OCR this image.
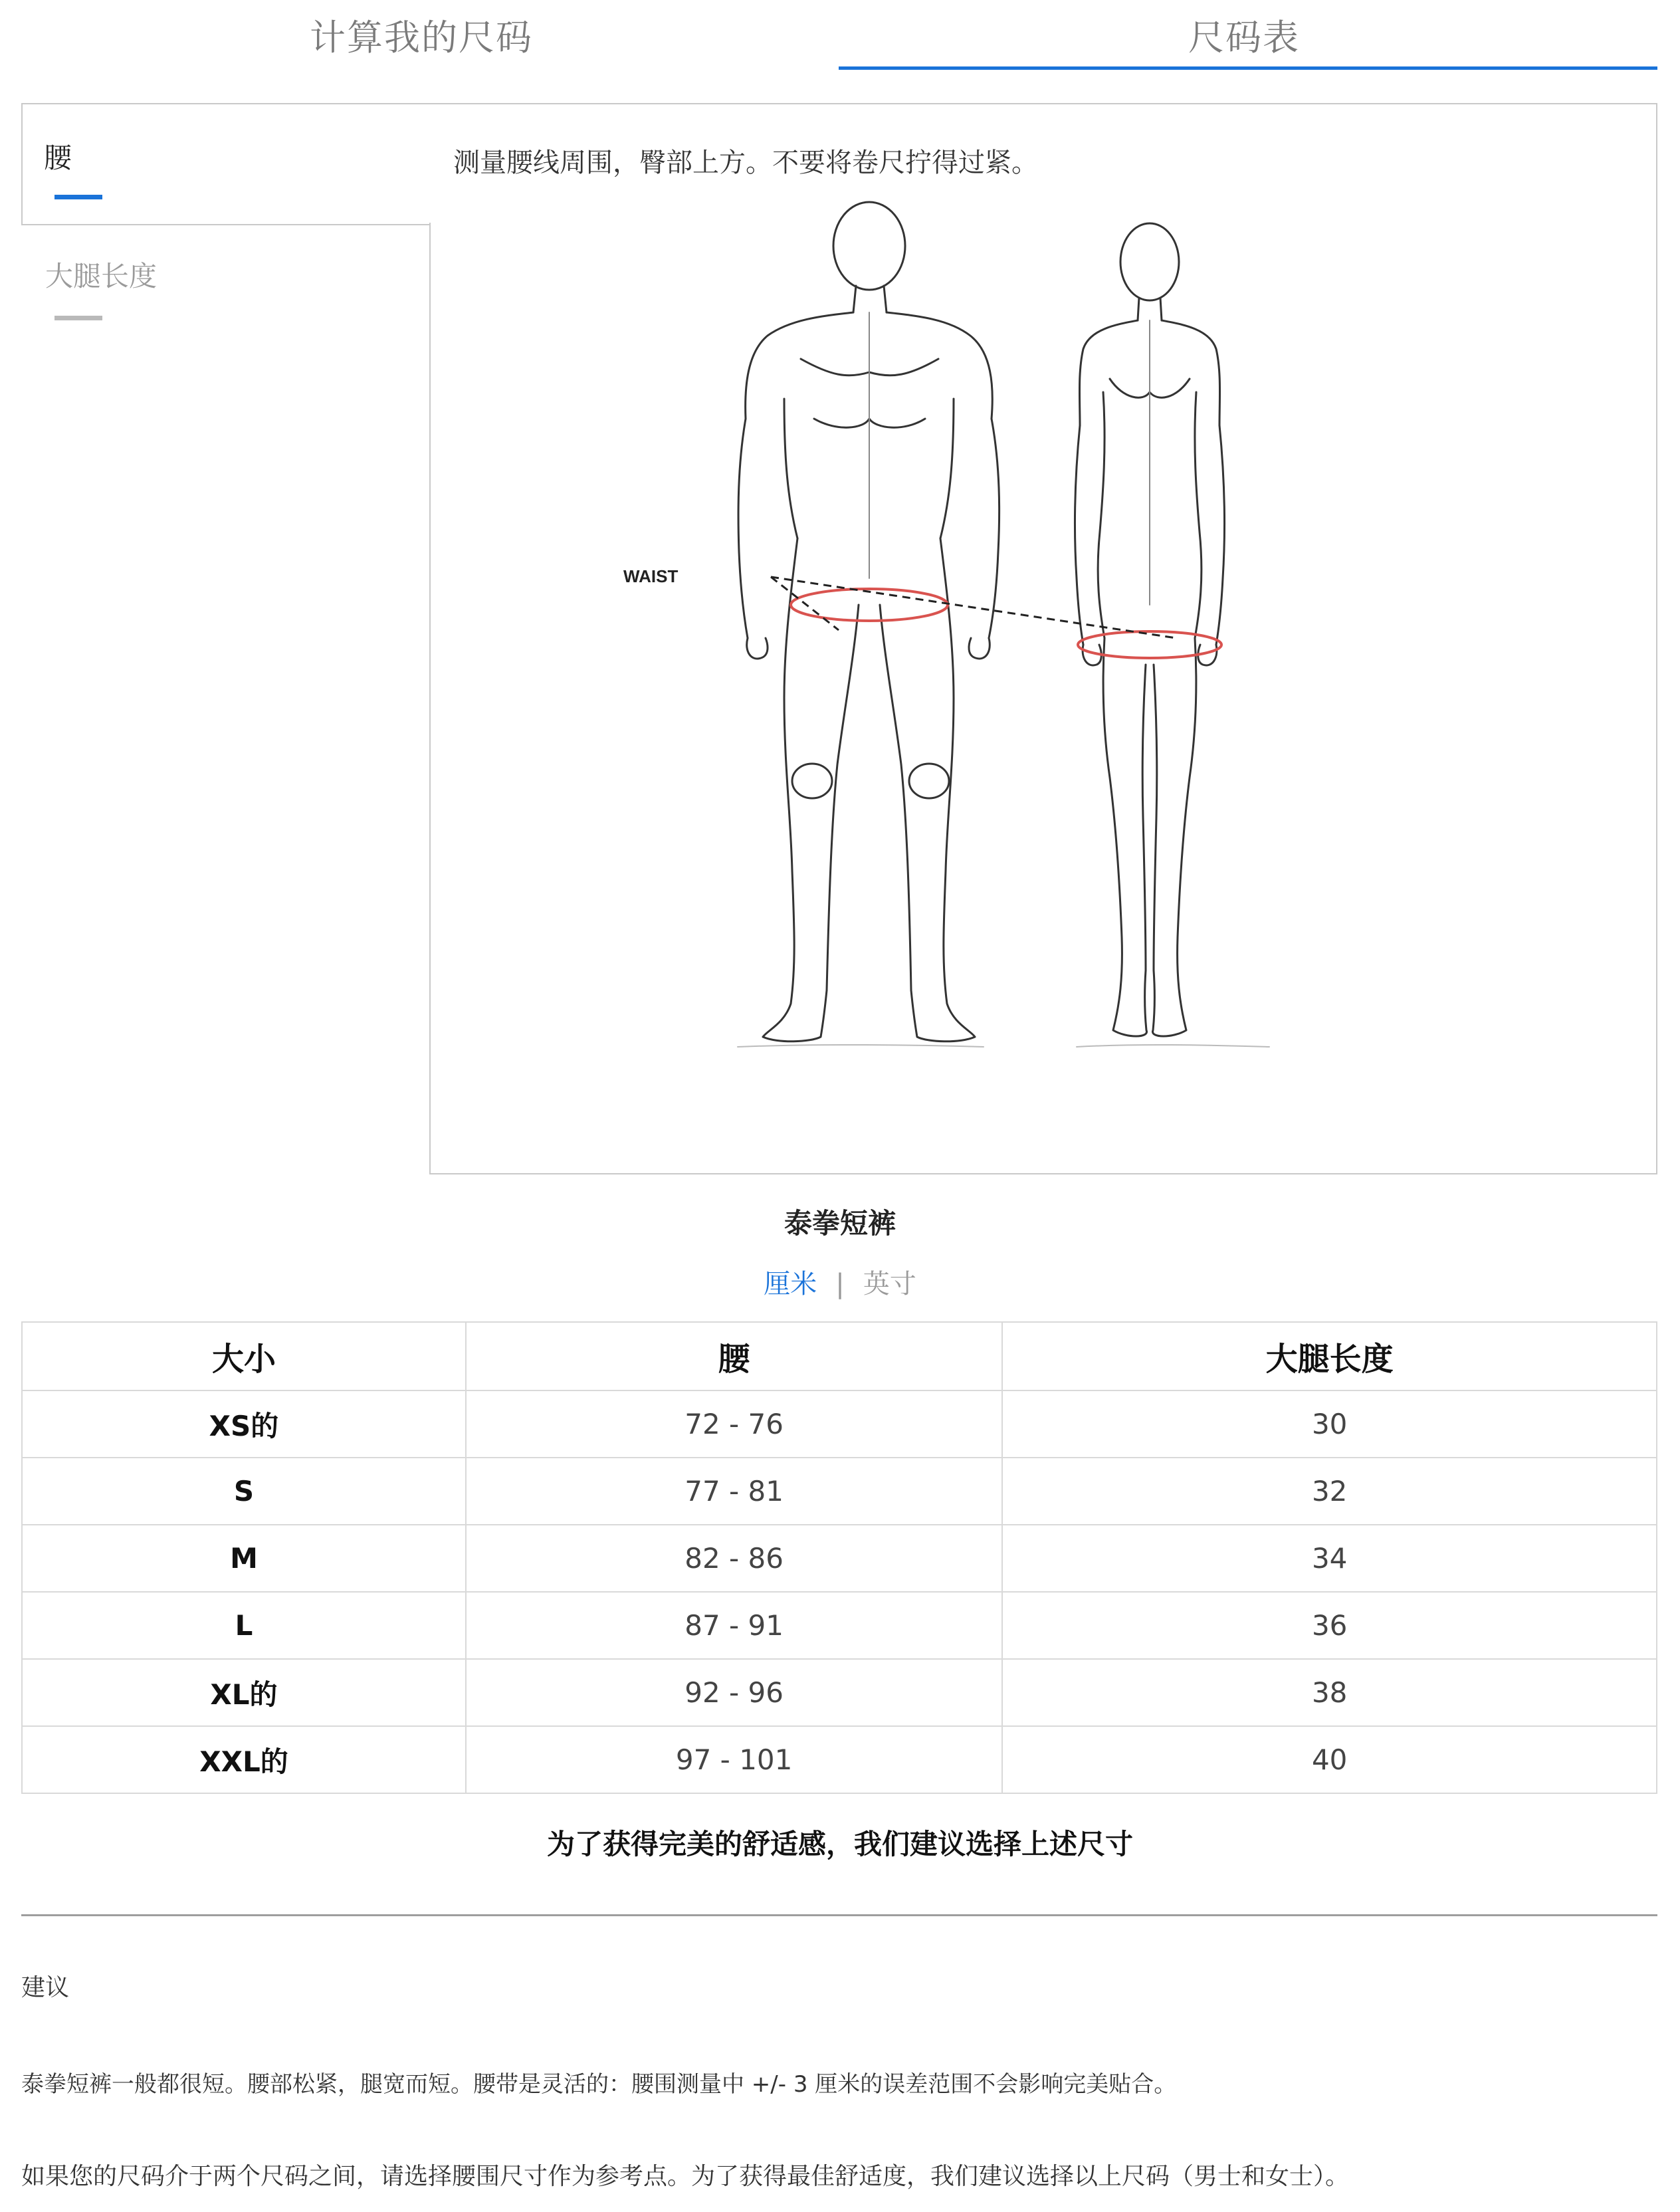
计算我的尺码	尺码表
腰
大腿长度
测量腰线周围，臀部上方。不要将卷尺拧得过紧。
WAIST
泰拳短裤
厘米 | 英寸
大小	腰	大腿长度
XS的	72 - 76	30
S	77 - 81	32
M	82 - 86	34
L	87 - 91	36
XL的	92 - 96	38
XXL的	97 - 101	40
为了获得完美的舒适感，我们建议选择上述尺寸
建议
泰拳短裤一般都很短。腰部松紧，腿宽而短。腰带是灵活的：腰围测量中 +/- 3 厘米的误差范围不会影响完美贴合。
如果您的尺码介于两个尺码之间，请选择腰围尺寸作为参考点。为了获得最佳舒适度，我们建议选择以上尺码（男士和女士）。
